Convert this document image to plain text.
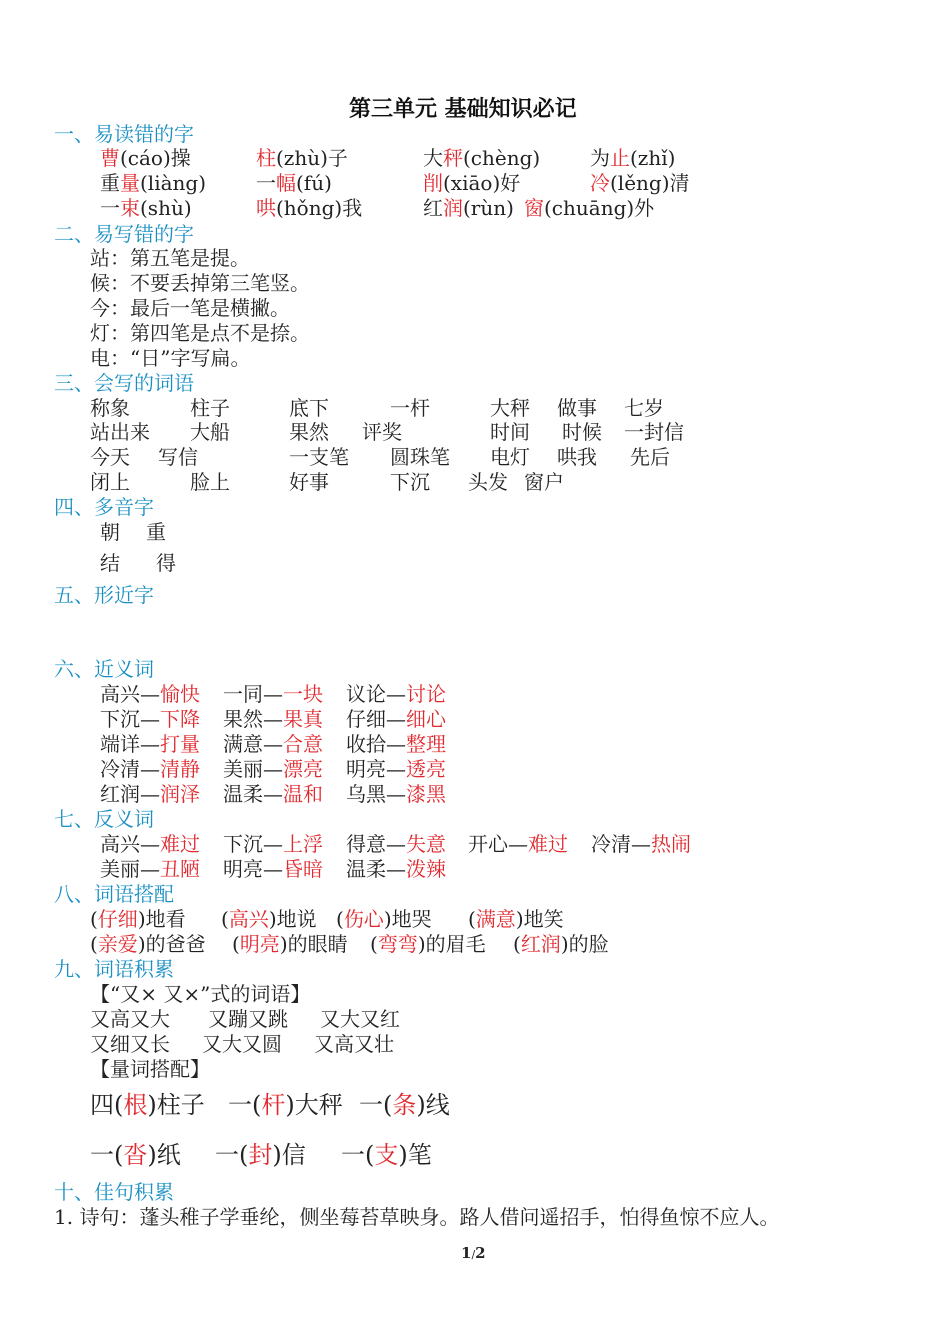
第三单元 基础知识必记
一、易读错的字
曹(cáo)操	柱(zhù)子	大秤(chèng) 为止(zhǐ)
重量(liàng) 一幅(fú)	削(xiāo)好	冷(lěng)清
一束(shù)	哄(hǒng)我	红润(rùn) 窗(chuāng)外
二、易写错的字
站：第五笔是提。
候：不要丢掉第三笔竖。
今：最后一笔是横撇。
灯：第四笔是点不是捺。
电：“日”字写扁。
三、会写的词语
称象	柱子	底下	一杆	大秤 做事 七岁
站出来 大船	果然 评奖	时间 时候 一封信
今天 写信	一支笔 圆珠笔 电灯 哄我 先后
闭上	脸上	好事	下沉 头发 窗户
四、多音字
朝 重
结 得
五、形近字
六、近义词
高兴—愉快 一同—一块 议论—讨论
下沉—下降 果然—果真 仔细—细心
端详—打量 满意—合意 收拾—整理
冷清—清静 美丽—漂亮 明亮—透亮
红润—润泽 温柔—温和 乌黑—漆黑
七、反义词
高兴—难过 下沉—上浮 得意—失意 开心—难过 冷清—热闹
美丽—丑陋 明亮—昏暗 温柔—泼辣
八、词语搭配
(仔细)地看 (高兴)地说 (伤心)地哭 (满意)地笑
(亲爱)的爸爸 (明亮)的眼睛 (弯弯)的眉毛 (红润)的脸
九、词语积累
【“又× 又×”式的词语】
又高又大 又蹦又跳 又大又红
又细又长 又大又圆 又高又壮
【量词搭配】
四(根)柱子 一(杆)大秤 一(条)线
一(沓)纸 一(封)信 一(支)笔
十、佳句积累
1. 诗句：蓬头稚子学垂纶，侧坐莓苔草映身。路人借问遥招手，怕得鱼惊不应人。
1/2
